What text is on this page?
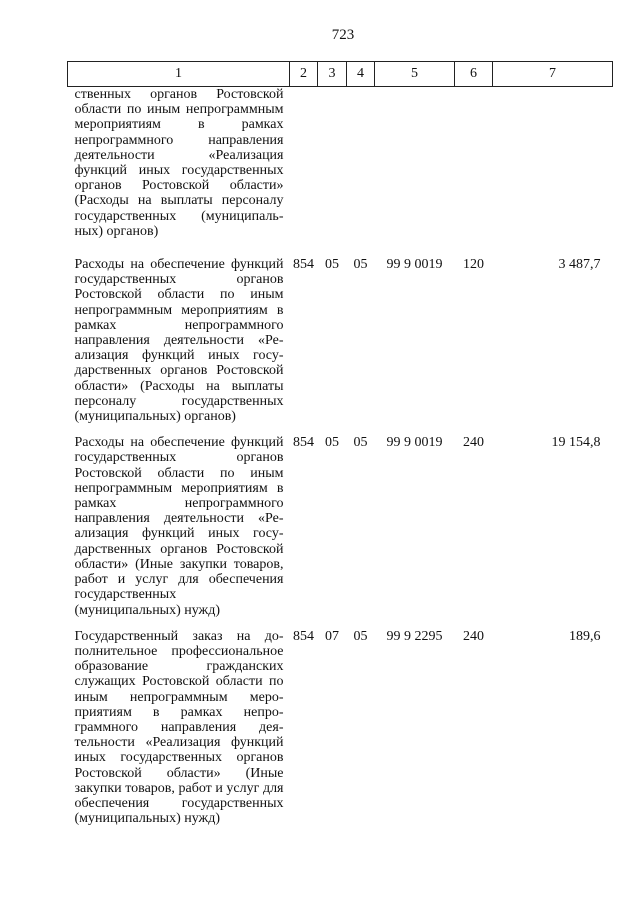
723
1	2	3	4	5	6	7
ственных органов Ростовской области по иным непрограммным мероприятиям в рамках непрограммного направления деятельности «Реализация функций иных государственных органов Ростовской области» (Расходы на выплаты персоналу государственных (муниципальных) органов)						
Расходы на обеспечение функций государственных органов Ростовской области по иным непрограммным мероприятиям в рамках непрограммного направления деятельности «Реализация функций иных государственных органов Ростовской области» (Расходы на выплаты персоналу государственных (муниципальных) органов)	854	05	05	99 9 0019	120	3 487,7
Расходы на обеспечение функций государственных органов Ростовской области по иным непрограммным мероприятиям в рамках непрограммного направления деятельности «Реализация функций иных государственных органов Ростовской области» (Иные закупки товаров, работ и услуг для обеспечения государственных (муниципальных) нужд)	854	05	05	99 9 0019	240	19 154,8
Государственный заказ на дополнительное профессиональное образование гражданских служащих Ростовской области по иным непрограммным мероприятиям в рамках непрограммного направления деятельности «Реализация функций иных государственных органов Ростовской области» (Иные закупки товаров, работ и услуг для обеспечения государственных (муниципальных) нужд)	854	07	05	99 9 2295	240	189,6
